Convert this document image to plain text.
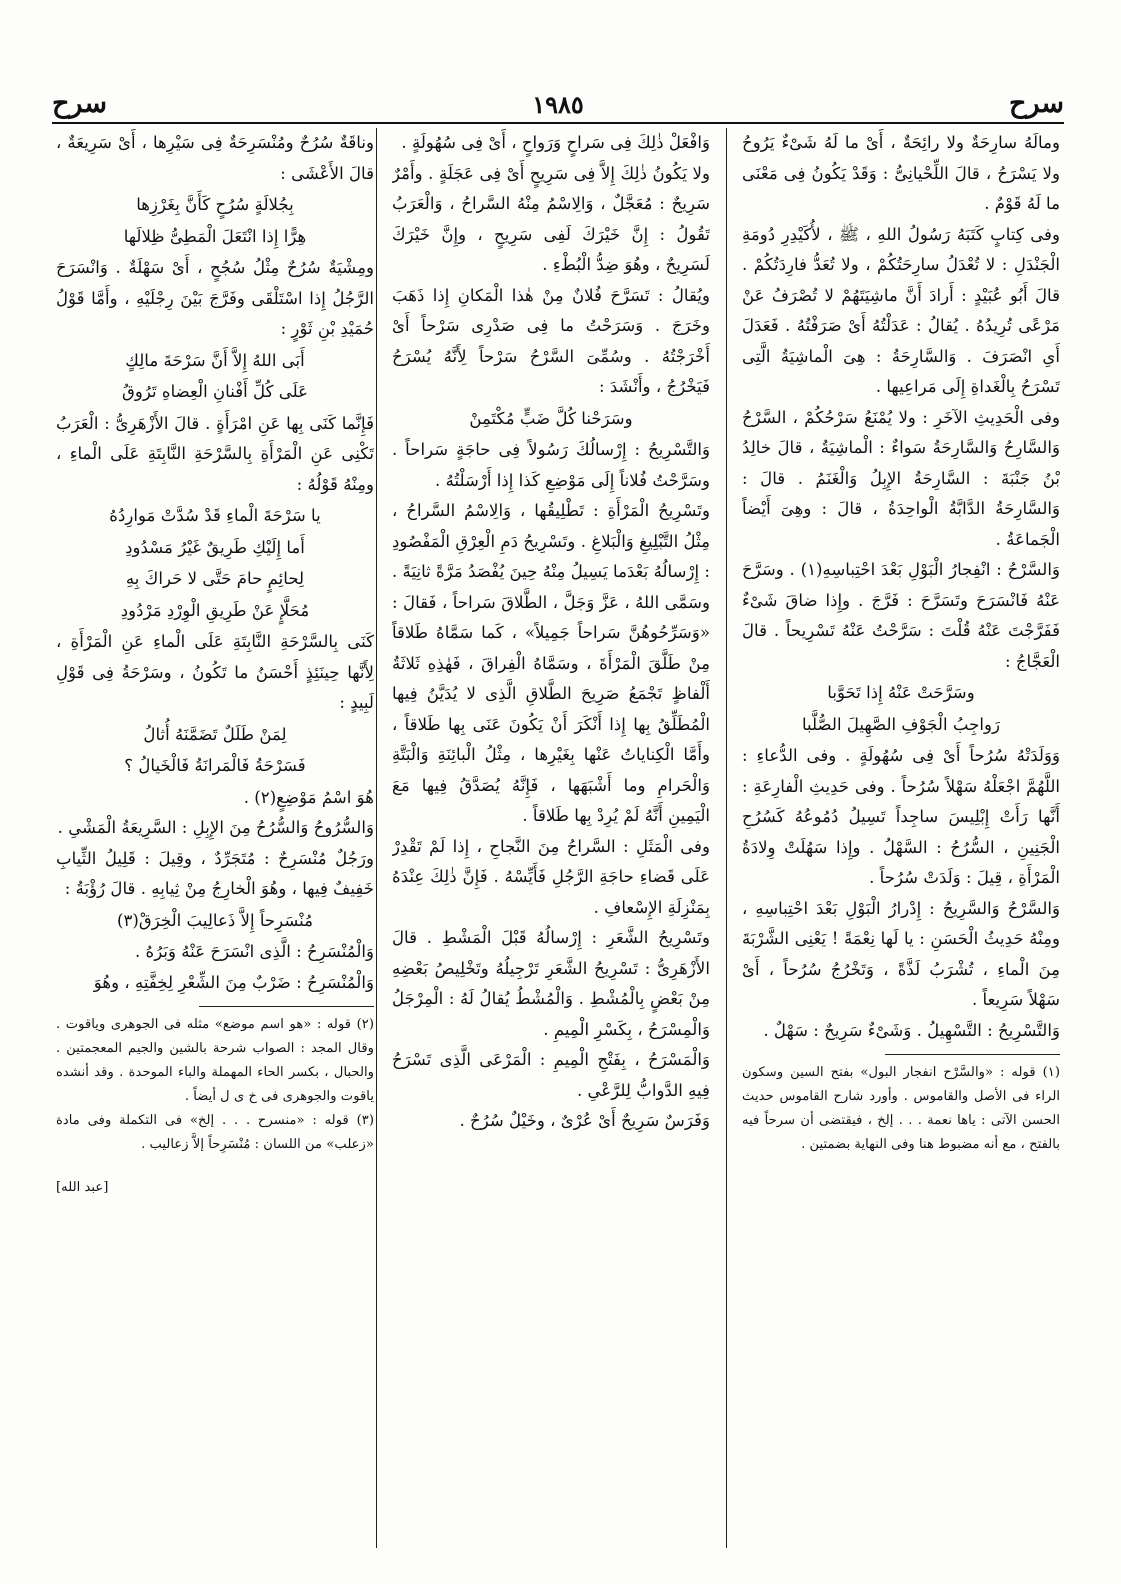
سرح
١٩٨٥
سرح

ومالَهُ سارِحَةٌ ولا رائِحَةٌ ، أَىْ ما لَهُ شَىْءٌ يَرُوحُ ولا يَسْرَحُ ، قالَ اللِّحْيانِىُّ : وَقَدْ يَكُونُ فِى مَعْنَى ما لَهُ قَوْمٌ .

وفى كِتابٍ كَتَبَهُ رَسُولُ اللهِ ، ﷺ ، لأُكَيْدِرِ دُومَةِ الْجَنْدَلِ : لا تُعْدَلُ سارِحَتُكُمْ ، ولا تُعَدُّ فارِدَتُكُمْ . قالَ أَبُو عُبَيْدٍ : أَرادَ أَنَّ ماشِيَتَهُمْ لا تُصْرَفُ عَنْ مَرْعًى تُرِيدُهُ . يُقالُ : عَدَلْتُهُ أَىْ صَرَفْتُهُ . فَعَدَلَ أَىِ انْصَرَفَ . وَالسَّارِحَةُ : هِىَ الْماشِيَةُ الَّتِى تَسْرَحُ بِالْغَداةِ إِلَى مَراعِيها .

وفى الْحَدِيثِ الآخَرِ : ولا يُمْنَعُ سَرْحُكُمْ ، السَّرْحُ وَالسَّارِحُ وَالسَّارِحَةُ سَواءٌ : الْماشِيَةُ ، قالَ خالِدُ بْنُ جَنْبَةَ : السَّارِحَةُ الإِبِلُ وَالْغَنَمُ . قالَ : وَالسَّارِحَةُ الدَّابَّةُ الْواحِدَةُ ، قالَ : وهِىَ أَيْضاً الْجَماعَةُ .

وَالسَّرْحُ : انْفِجارُ الْبَوْلِ بَعْدَ احْتِباسِهِ(١) . وسَرَّحَ عَنْهُ فَانْسَرَحَ وتَسَرَّحَ : فَرَّجَ . وإِذا ضاقَ شَىْءٌ فَفَرَّجْتَ عَنْهُ قُلْتَ : سَرَّحْتُ عَنْهُ تَسْرِيحاً . قالَ الْعَجَّاجُ :

وسَرَّحَتْ عَنْهُ إِذا تَحَوَّبا

رَواجِبُ الْجَوْفِ الصَّهِيلَ الصُّلَّبا

وَوَلَدَتْهُ سُرُحاً أَىْ فِى سُهُولَةٍ . وفى الدُّعاءِ : اللَّهُمَّ اجْعَلْهُ سَهْلاً سُرُحاً . وفى حَدِيثِ الْفارِعَةِ : أَنَّها رَأَتْ إِبْلِيسَ ساجِداً تَسِيلُ دُمُوعُهُ كَسُرُحِ الْجَنِينِ ، السُّرُحُ : السَّهْلُ . وإِذا سَهُلَتْ وِلادَةُ الْمَرْأَةِ ، قِيلَ : وَلَدَتْ سُرُحاً .

وَالسَّرْحُ وَالسَّرِيحُ : إِدْرارُ الْبَوْلِ بَعْدَ احْتِباسِهِ ، ومِنْهُ حَدِيثُ الْحَسَنِ : يا لَها نِعْمَةً ! يَعْنِى الشَّرْبَةَ مِنَ الْماءِ ، تُشْرَبُ لَذَّةً ، وَتَخْرُجُ سُرُحاً ، أَىْ سَهْلاً سَرِيعاً .

وَالتَّسْرِيحُ : التَّسْهِيلُ . وَشَىْءٌ سَرِيحٌ : سَهْلٌ .

(١) قوله : «والسَّرْح انفجار البول» بفتح السين وسكون الراء فى الأصل والقاموس . وأورد شارح القاموس حديث الحسن الآتى : ياها نعمة . . . إلخ ، فيقتضى أن سرحاً فيه بالفتح ، مع أنه مضبوط هنا وفى النهاية بضمتين .

وَافْعَلْ ذٰلِكَ فِى سَراحٍ وَرَواحٍ ، أَىْ فِى سُهُولَةٍ .

ولا يَكُونُ ذٰلِكَ إِلاَّ فِى سَرِيحٍ أَىْ فِى عَجَلَةٍ . وأَمْرٌ سَرِيحٌ : مُعَجَّلٌ ، وَالِاسْمُ مِنْهُ السَّراحُ ، وَالْعَرَبُ تَقُولُ : إِنَّ خَيْرَكَ لَفِى سَرِيحٍ ، وإِنَّ خَيْرَكَ لَسَرِيحٌ ، وهُوَ ضِدُّ الْبُطْءِ .

ويُقالُ : تَسَرَّحَ فُلانٌ مِنْ هٰذا الْمَكانِ إِذا ذَهَبَ وخَرَجَ . وَسَرَحْتُ ما فِى صَدْرِى سَرْحاً أَىْ أَخْرَجْتُهُ . وسُمِّىَ السَّرْحُ سَرْحاً لِأَنَّهُ يُسْرَحُ فَيَخْرُجُ ، وأَنْشَدَ :

وسَرَحْنا كُلَّ ضَبٍّ مُكْتَمِنْ

وَالتَّسْرِيحُ : إِرْسالُكَ رَسُولاً فِى حاجَةٍ سَراحاً . وسَرَّحْتُ فُلاناً إِلَى مَوْضِعِ كَذا إِذا أَرْسَلْتُهُ .

وتَسْرِيحُ الْمَرْأَةِ : تَطْلِيقُها ، وَالِاسْمُ السَّراحُ ، مِثْلُ التَّبْلِيغِ وَالْبَلاغِ . وتَسْرِيحُ دَمِ الْعِرْقِ الْمَفْصُودِ : إِرْسالُهُ بَعْدَما يَسِيلُ مِنْهُ حِينَ يُفْصَدُ مَرَّةً ثانِيَةً . وسَمَّى اللهُ ، عَزَّ وَجَلَّ ، الطَّلاقَ سَراحاً ، فَقالَ : «وَسَرِّحُوهُنَّ سَراحاً جَمِيلاً» ، كَما سَمَّاهُ طَلاقاً مِنْ طَلَّقَ الْمَرْأَةَ ، وسَمَّاهُ الْفِراقَ ، فَهٰذِهِ ثَلاثَةُ أَلْفاظٍ تَجْمَعُ صَرِيحَ الطَّلاقِ الَّذِى لا يُدَيَّنُ فِيها الْمُطَلِّقُ بِها إِذا أَنْكَرَ أَنْ يَكُونَ عَنَى بِها طَلاقاً ، وأَمَّا الْكِناياتُ عَنْها بِغَيْرِها ، مِثْلُ الْبائِنَةِ وَالْبَتَّةِ وَالْحَرامِ وما أَشْبَهَها ، فَإِنَّهُ يُصَدَّقُ فِيها مَعَ الْيَمِينِ أَنَّهُ لَمْ يُرِدْ بِها طَلاقاً .

وفى الْمَثَلِ : السَّراحُ مِنَ النَّجاحِ ، إِذا لَمْ تَقْدِرْ عَلَى قَضاءِ حاجَةِ الرَّجُلِ فَأَيِّسْهُ . فَإِنَّ ذٰلِكَ عِنْدَهُ بِمَنْزِلَةِ الإِسْعافِ .

وتَسْرِيحُ الشَّعَرِ : إِرْسالُهُ قَبْلَ الْمَشْطِ . قالَ الأَزْهَرِىُّ : تَسْرِيحُ الشَّعَرِ تَرْجِيلُهُ وتَخْلِيصُ بَعْضِهِ مِنْ بَعْضٍ بِالْمُشْطِ . وَالْمُشْطُ يُقالُ لَهُ : الْمِرْجَلُ وَالْمِسْرَحُ ، بِكَسْرِ الْمِيمِ .

وَالْمَسْرَحُ ، بِفَتْحِ الْمِيمِ : الْمَرْعَى الَّذِى تَسْرَحُ فِيهِ الدَّوابُّ لِلرَّعْىِ .

وَفَرَسٌ سَرِيحٌ أَىْ عُرْىٌ ، وخَيْلٌ سُرُحٌ .

وناقَةٌ سُرُحٌ ومُنْسَرِحَةٌ فِى سَيْرِها ، أَىْ سَرِيعَةٌ ، قالَ الأَعْشَى :

بِجُلالَةٍ سُرُحٍ كَأَنَّ بِغَرْزِها

هِرًّا إِذا انْتَعَلَ الْمَطِىُّ ظِلالَها

ومِشْيَةٌ سُرُحٌ مِثْلُ سُجُحٍ ، أَىْ سَهْلَةٌ . وَانْسَرَحَ الرَّجُلُ إِذا اسْتَلْقَى وفَرَّجَ بَيْنَ رِجْلَيْهِ ، وأَمَّا قَوْلُ حُمَيْدِ بْنِ ثَوْرٍ :

أَبَى اللهُ إِلاَّ أَنَّ سَرْحَةَ مالِكٍ

عَلَى كُلِّ أَفْنانِ الْعِضاهِ تَرُوقُ

فَإِنَّما كَنَى بِها عَنِ امْرَأَةٍ . قالَ الأَزْهَرِىُّ : الْعَرَبُ تَكْنِى عَنِ الْمَرْأَةِ بِالسَّرْحَةِ النَّابِتَةِ عَلَى الْماءِ ، ومِنْهُ قَوْلُهُ :

يا سَرْحَةَ الْماءِ قَدْ سُدَّتْ مَوارِدُهُ

أَما إِلَيْكِ طَرِيقٌ غَيْرُ مَسْدُودِ

لِحائِمٍ حامَ حَتَّى لا حَراكَ بِهِ

مُحَلَّإٍ عَنْ طَرِيقِ الْوِرْدِ مَرْدُودِ

كَنَى بِالسَّرْحَةِ النَّابِتَةِ عَلَى الْماءِ عَنِ الْمَرْأَةِ ، لِأَنَّها حِينَئِذٍ أَحْسَنُ ما تَكُونُ ، وسَرْحَةُ فِى قَوْلِ لَبِيدٍ :

لِمَنْ طَلَلٌ تَضَمَّنَهُ أُثالُ

فَسَرْحَةُ فَالْمَرانَةُ فَالْخَيالُ ؟

هُوَ اسْمُ مَوْضِعٍ(٢) .

وَالسُّرُوحُ وَالسُّرُحُ مِنَ الإِبِلِ : السَّرِيعَةُ الْمَشْىِ .

ورَجُلٌ مُنْسَرِحٌ : مُتَجَرِّدٌ ، وقِيلَ : قَلِيلُ الثِّيابِ خَفِيفٌ فِيها ، وهُوَ الْخارِجُ مِنْ ثِيابِهِ . قالَ رُؤْبَةُ :

مُنْسَرِحاً إِلاَّ ذَعالِيبَ الْخِرَقْ(٣)

وَالْمُنْسَرِحُ : الَّذِى انْسَرَحَ عَنْهُ وَبَرُهُ .

وَالْمُنْسَرِحُ : ضَرْبٌ مِنَ الشِّعْرِ لِخِفَّتِهِ ، وهُوَ

(٢) قوله : «هو اسم موضع» مثله فى الجوهرى وياقوت . وقال المجد : الصواب شرحة بالشين والجيم المعجمتين . والحبال ، بكسر الحاء المهملة والباء الموحدة . وقد أنشده ياقوت والجوهرى فى خ ى ل أيضاً .

(٣) قوله : «منسرح . . . إلخ» فى التكملة وفى مادة «زعلب» من اللسان : مُنْسَرِحاً إلاَّ زعاليب .

[عبد الله]
